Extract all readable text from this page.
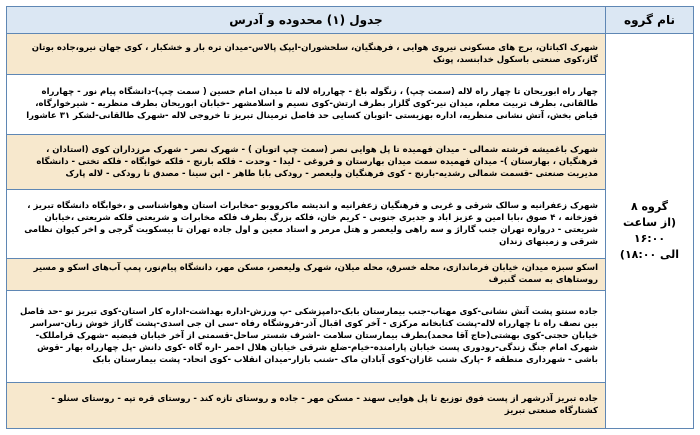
نام گروه	جدول (۱) محدوده و آدرس

گروه ۸
(از ساعت ۱۶:۰۰
الی ۱۸:۰۰)	شهرک اکباتان، برج های مسکونی نیروی هوایی ، فرهنگیان، سلحشوران-ایپک پالاس-میدان تره بار و خشکبار ، کوی جهان نیرو،جاده بوتان گاز،کوی صنعتی باسکول خدابنسد، پونک
	چهار راه ابوریحان تا چهار راه لاله (سمت چپ) ، زنگوله باغ - چهارراه لاله تا میدان امام حسین ( سمت چپ)-دانشگاه پیام نور - چهارراه طالقانی، بطرف تربیت معلم، میدان نیر-کوی گلزار بطرف ارتش-کوی نسیم و اسلامشهر -خیابان ابوریحان بطرف منظریه - شیرخوارگاه، فیاض بخش، آتش نشانی منظریه، اداره بهزیستی -اتوبان کسایی حد فاصل ترمینال تبریز تا خروجی لاله -شهرک طالقانی-لشکر ۳۱ عاشورا
	شهرک باغمیشه فرشته شمالی - میدان فهمیده تا پل هوایی نصر (سمت چپ اتوبان ) - شهرک نصر - شهرک مرزداران کوی (استادان ، فرهنگیان ، بهارستان )- میدان فهمیده سمت میدان بهارستان و فروغی - لیدا - وحدت - فلکه بارنج - فلکه خوابگاه - فلکه تختی - دانشگاه مدیریت صنعتی -قسمت شمالی رشدیه-بارنج - کوی فرهنگیان ولیعصر - رودکی بابا طاهر - ابن سینا - مصدق تا رودکی - لاله پارک
	شهرک زعفرانیه و سالک شرقی و غربی و فرهنگیان زعفرانیه و اندیشه ماکرووبو -مخابرات استان وهواشناسی و ،خوابگاه دانشگاه تبریز ، فوزخانه ، ۴ صوق ،بابا امین و عزیز اباد و جدیری جنوبی - کریم خان، فلکه بزرگ بطرف فلکه مخابرات و شریعتی فلکه شریعتی ،خیابان شریعتی - دروازه تهران جنب گاراژ و سه راهی ولیعصر و هتل مرمر و استاد معین و اول جاده تهران تا بیسکویت گرجی و اخر کیوان نظامی شرقی و زمینهای زندان
	اسکو سبزه میدان، خیابان فرماندازی، محله خسرق، محله میلان، شهرک ولیعصر، مسکن مهر، دانشگاه پیام‌نور، پمپ آب‌های اسکو و مسیر روستاهای به سمت گنبرف
	جاده سنتو پشت آتش نشانی-کوی مهتاب-جنب بیمارستان بابک-دامپزشکی -پ ورزش-اداره بهداشت-اداره کار استان-کوی تبریز نو -حد فاصل بین نصف راه تا چهارراه لاله-پشت کتابخانه مرکزی - آخر کوی اقبال آذر-فروشگاه رفاه -سی ان جی اسدی-پشت گاراژ خوش زبان-سراسر خیابان حجتی-کوی بهشتی(حاج آقا محمد)بطرف بیمارستان سلامت -اشرف شستر ساحل-قسمتی از آخر خیابان فیضیه -شهرک قرامللک-شهرک امام جنگ زندگی-رودوری پست خیابان پارامنده-خیام-ضلع شرقی خیابان هلال احمر -اره گاه -کوی دانش -پل چهارراه بهار -قوش باشی - شهرداری منطقه ۶ -پارک شنب غازان-کوی آبادان ماک -شنب بازار-میدان انقلاب -کوی اتحاد- پشت بیمارستان بابک
	جاده تبریز آذرشهر از پست فوق توزیع تا پل هوایی سهند - مسکن مهر - جاده و روستای تازه کند - روستای قره تپه - روستای سنلو - کشتارگاه صنعتی تبریز
